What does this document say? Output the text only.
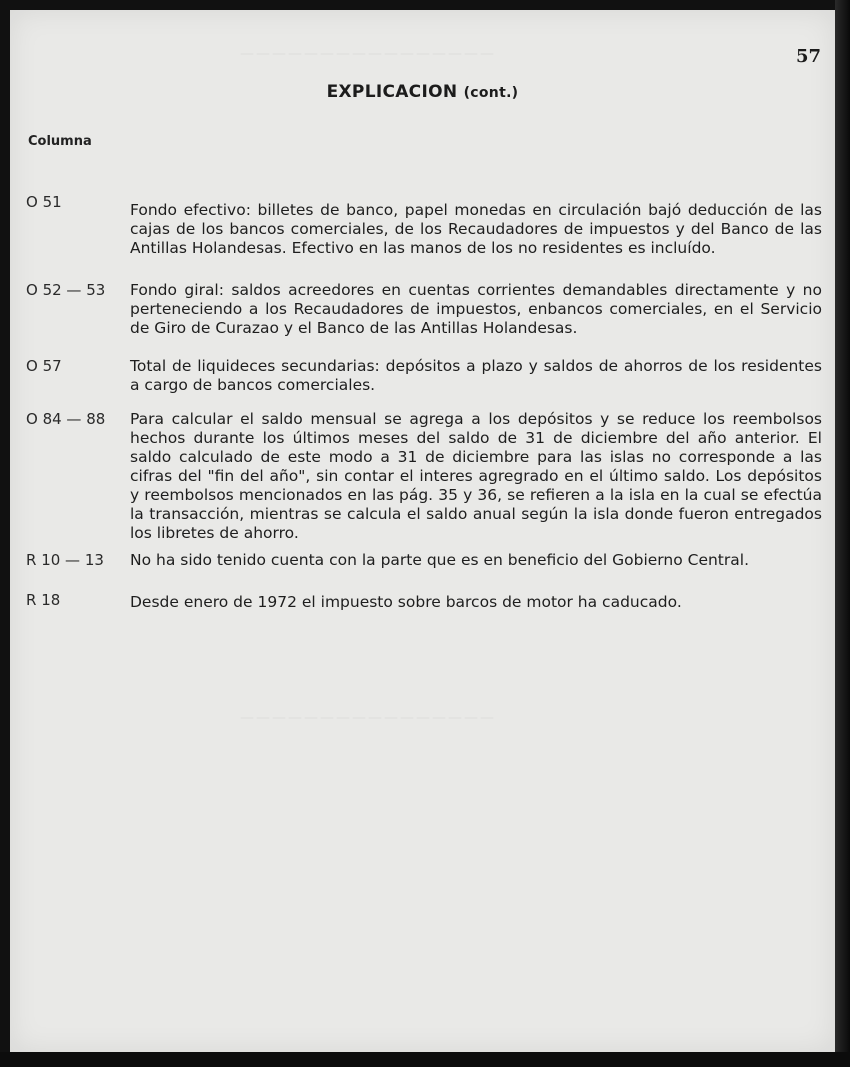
57
EXPLICACION (cont.)
Columna
O 51	Fondo efectivo: billetes de banco, papel monedas en circulación bajó deducción de las cajas de los bancos comerciales, de los Recaudadores de impuestos y del Banco de las Antillas Holandesas. Efectivo en las manos de los no residentes es incluído.
O 52 — 53 Fondo giral: saldos acreedores en cuentas corrientes demandables directamente y no perteneciendo a los Recaudadores de impuestos, enbancos comerciales, en el Servicio de Giro de Curazao y el Banco de las Antillas Holandesas.
O 57	Total de liquideces secundarias: depósitos a plazo y saldos de ahorros de los residentes a cargo de bancos comerciales.
O 84 — 88 Para calcular el saldo mensual se agrega a los depósitos y se reduce los reembolsos hechos durante los últimos meses del saldo de 31 de diciembre del año anterior. El saldo calculado de este modo a 31 de diciembre para las islas no corresponde a las cifras del "fin del año", sin contar el interes agregrado en el último saldo. Los depósitos y reembolsos mencionados en las pág. 35 y 36, se refieren a la isla en la cual se efectúa la transacción, mientras se calcula el saldo anual según la isla donde fueron entregados los libretes de ahorro.
R 10 — 13 No ha sido tenido cuenta con la parte que es en beneficio del Gobierno Central.
R 18	Desde enero de 1972 el impuesto sobre barcos de motor ha caducado.
————————————————
————————————————
